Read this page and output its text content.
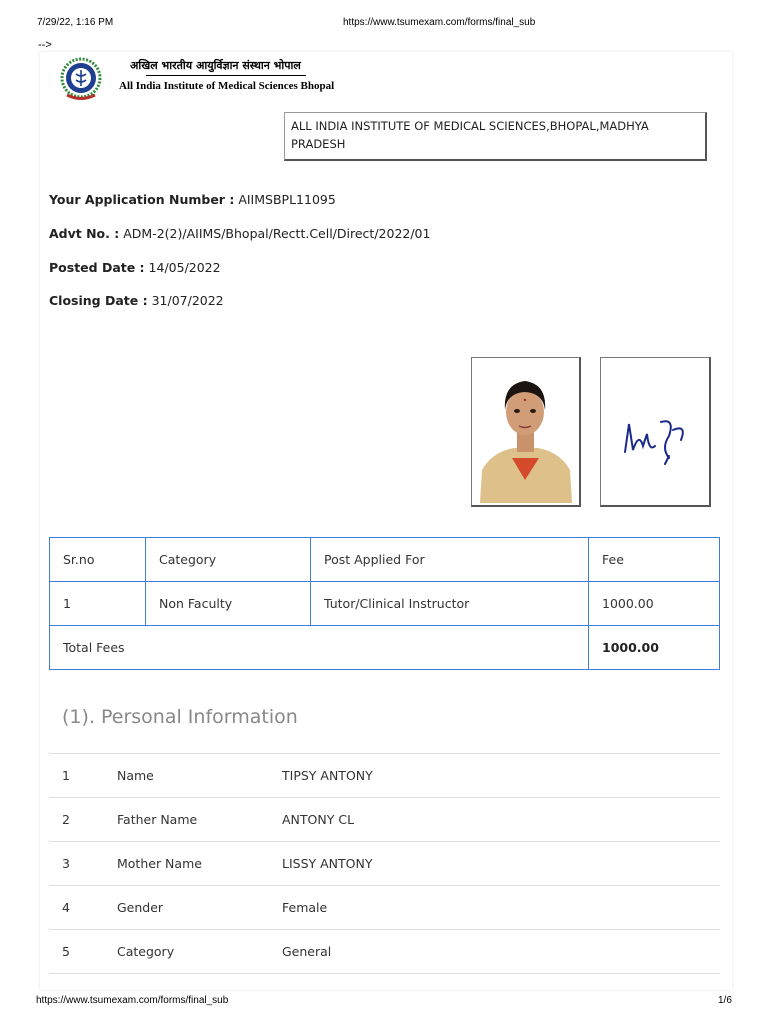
7/29/22, 1:16 PM	https://www.tsumexam.com/forms/final_sub
-->
अखिल भारतीय आयुर्विज्ञान संस्थान भोपाल
All India Institute of Medical Sciences Bhopal
ALL INDIA INSTITUTE OF MEDICAL SCIENCES,BHOPAL,MADHYA PRADESH
Your Application Number : AIIMSBPL11095
Advt No. : ADM-2(2)/AIIMS/Bhopal/Rectt.Cell/Direct/2022/01
Posted Date : 14/05/2022
Closing Date : 31/07/2022
Sr.no	Category	Post Applied For	Fee
1	Non Faculty	Tutor/Clinical Instructor	1000.00
Total Fees			1000.00
(1). Personal Information
1	Name	TIPSY ANTONY
2	Father Name	ANTONY CL
3	Mother Name	LISSY ANTONY
4	Gender	Female
5	Category	General
https://www.tsumexam.com/forms/final_sub	1/6
